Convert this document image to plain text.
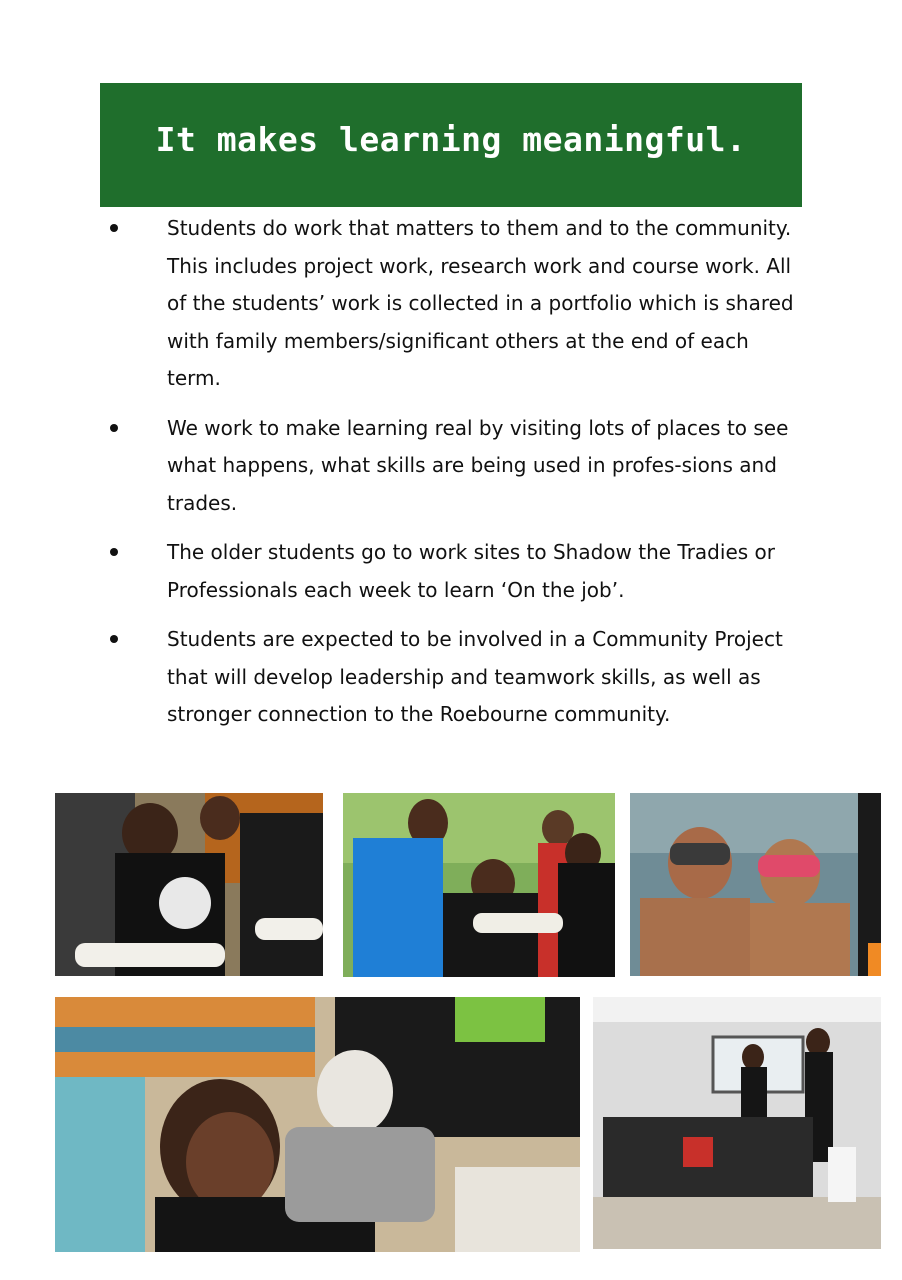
It makes learning meaningful.
Students do work that matters to them and to the community. This includes project work, research work and course work. All of the students’ work is collected in a portfolio which is shared with family members/significant others at the end of each term.
We work to make learning real by visiting lots of places to see what happens, what skills are being used in profes-sions and trades.
The older students go to work sites to Shadow the Tradies or Professionals each week to learn ‘On the job’.
Students are expected to be involved in a Community Project that will develop leadership and teamwork skills, as well as stronger connection to the Roebourne community.
